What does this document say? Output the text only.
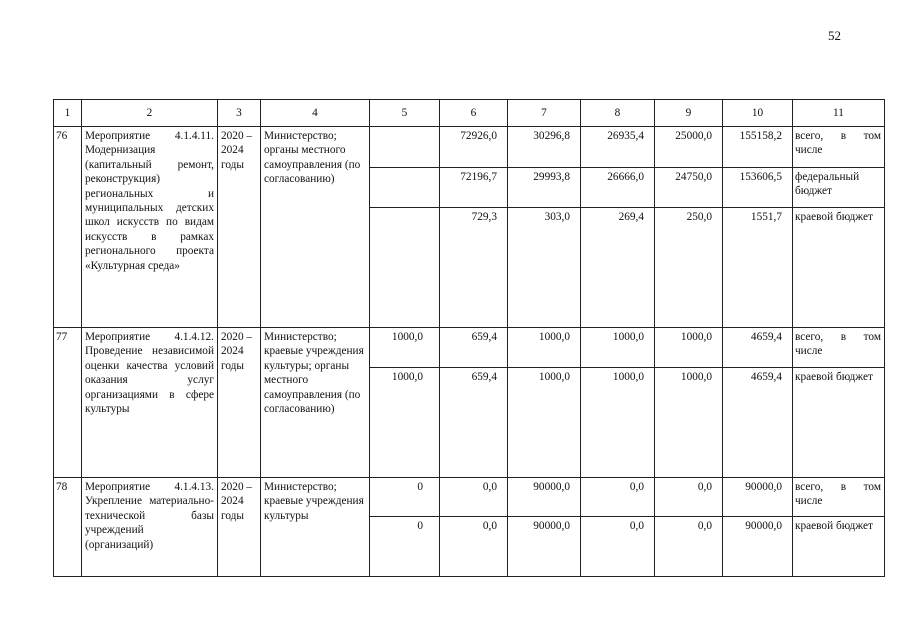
52
1	2	3	4	5	6	7	8	9	10	11
76	Мероприятие 4.1.4.11. Модернизация (капитальный ремонт, реконструкция) региональных и муниципальных детских школ искусств по видам искусств в рамках регионального проекта «Культурная среда»	2020 – 2024 годы	Министерство; органы местного самоуправления (по согласованию)		72926,0	30296,8	26935,4	25000,0	155158,2	всего, в том числе
					72196,7	29993,8	26666,0	24750,0	153606,5	федеральный бюджет
					729,3	303,0	269,4	250,0	1551,7	краевой бюджет
77	Мероприятие 4.1.4.12. Проведение независимой оценки качества условий оказания услуг организациями в сфере культуры	2020 – 2024 годы	Министерство; краевые учреждения культуры; органы местного самоуправления (по согласованию)	1000,0	659,4	1000,0	1000,0	1000,0	4659,4	всего, в том числе
				1000,0	659,4	1000,0	1000,0	1000,0	4659,4	краевой бюджет
78	Мероприятие 4.1.4.13. Укрепление материально-технической базы учреждений (организаций)	2020 – 2024 годы	Министерство; краевые учреждения культуры	0	0,0	90000,0	0,0	0,0	90000,0	всего, в том числе
				0	0,0	90000,0	0,0	0,0	90000,0	краевой бюджет
